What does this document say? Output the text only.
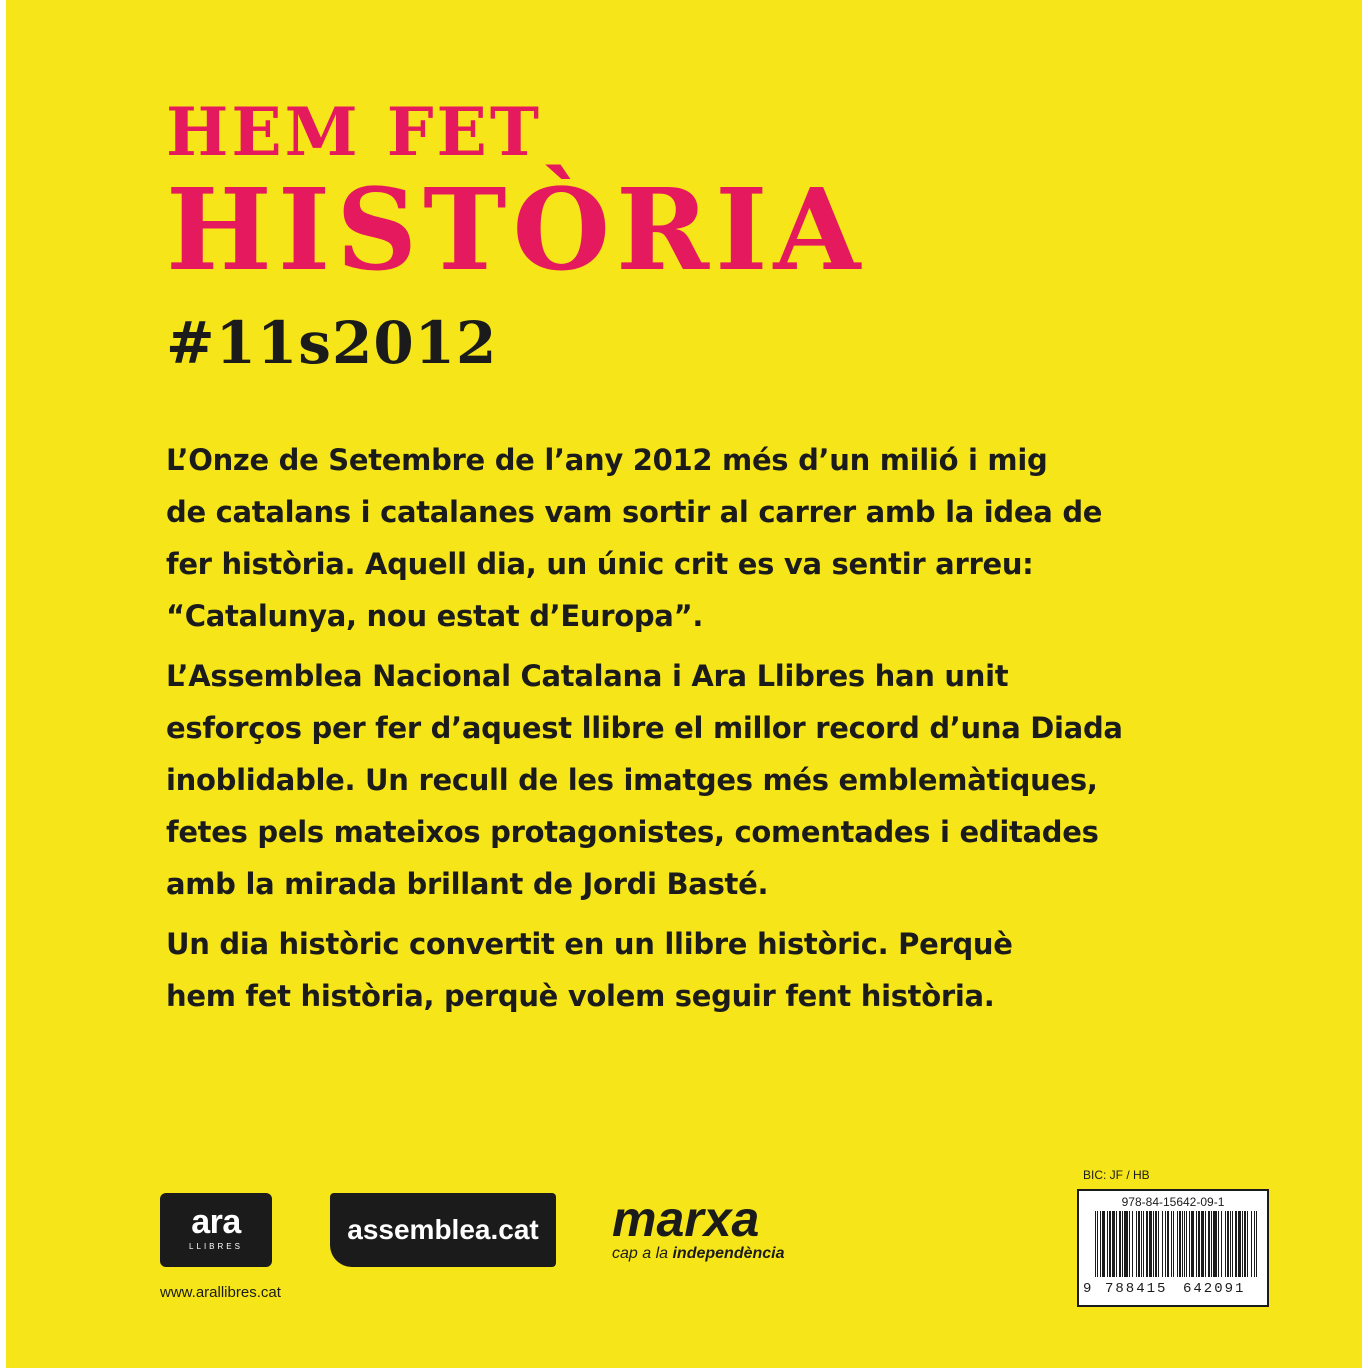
HEM FET
HISTÒRIA
#11s2012
L’Onze de Setembre de l’any 2012 més d’un milió i mig
de catalans i catalanes vam sortir al carrer amb la idea de
fer història. Aquell dia, un únic crit es va sentir arreu:
“Catalunya, nou estat d’Europa”.
L’Assemblea Nacional Catalana i Ara Llibres han unit
esforços per fer d’aquest llibre el millor record d’una Diada
inoblidable. Un recull de les imatges més emblemàtiques,
fetes pels mateixos protagonistes, comentades i editades
amb la mirada brillant de Jordi Basté.
Un dia històric convertit en un llibre històric. Perquè
hem fet història, perquè volem seguir fent història.
ara
LLIBRES
assemblea.cat	marxa
cap a la independència
www.arallibres.cat
BIC: JF / HB
978-84-15642-09-1
9 788415 642091
